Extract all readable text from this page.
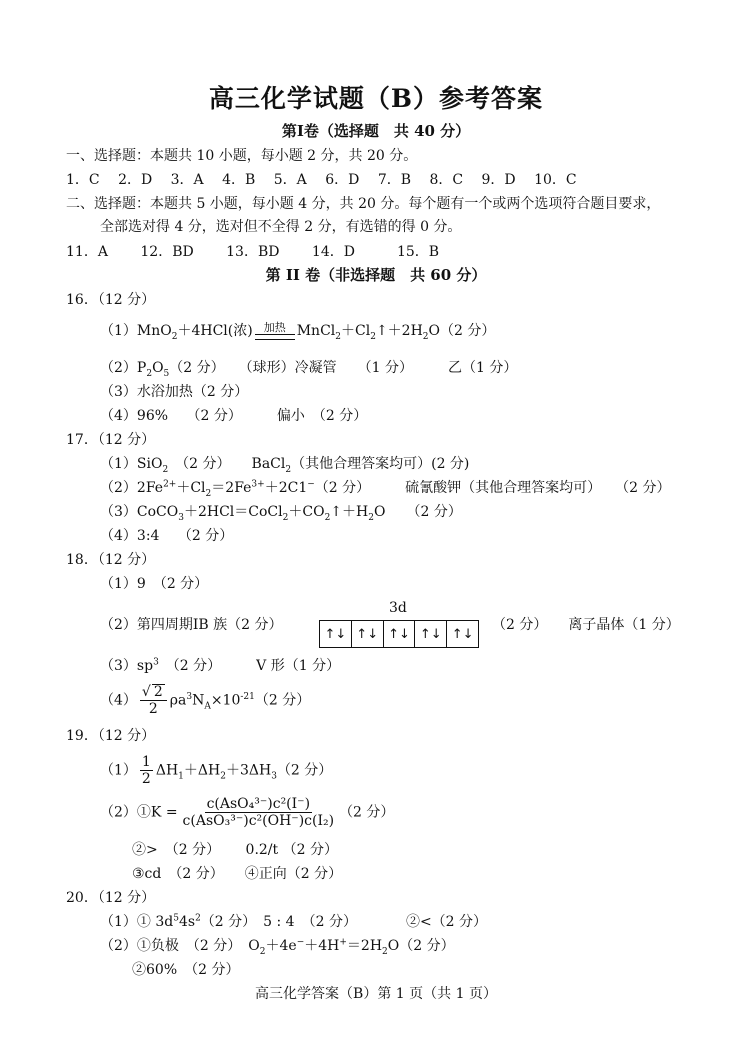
高三化学试题（B）参考答案
第Ⅰ卷（选择题　共 40 分）
一、选择题：本题共 10 小题，每小题 2 分，共 20 分。
1．C　 2．D　 3．A　 4．B　 5．A　 6．D　 7．B　 8．C　 9．D　 10．C
二、选择题：本题共 5 小题，每小题 4 分，共 20 分。每个题有一个或两个选项符合题目要求，
全部选对得 4 分，选对但不全得 2 分，有选错的得 0 分。
11．A　　 12．BD　　 13．BD　　 14．D　　　15．B
第 II 卷（非选择题　共 60 分）
16．（12 分）
（1）MnO$_2$＋4HCl(浓) 加热 $MnCl_2+Cl_2↑+2H_2O(2$ 分）
$(2)P_2O_5(2$ 分）　　（球形）冷凝管　　（1 分）　　　乙（1 分）
（3）水浴加热（2 分）
（4）96%　 （2 分）　　　偏小　（2 分）
17．（12 分）
（1）SiO$_2$　（2 分）　　BaCl$_2$（其他合理答案均可）(2 分)
$(2)2Fe^{2+}+Cl_2=2Fe^{3+}+2C1^-(2$ 分）　　　硫氰酸钾（其他合理答案均可）　　（2 分）
$(3)CoCO_3+2HCl=CoCl_2+CO_2↑+H_2O$　　（2 分）
（4）3:4　 （2 分）
18．（12 分）
（1）9　（2 分）
3d
（2）第四周期ⅠB 族（2 分）
↑↓ ↑↓ ↑↓ ↑↓ ↑↓
（2 分）　　离子晶体（1 分）
$(3)sp^3$　（2 分）　　　V 形（1 分）
$(4) \frac{√ 2}{2} \rho a^3N_A\times 10^{-21}(2$ 分）
19．（12 分）
$(1) \frac{1}{2} \Delta H_1+\Delta H_2+3\Delta H_3(2$ 分）
（2）①K = $\frac{\text{c(AsO₄³⁻)c²(I⁻)}}{\text{c(AsO₃³⁻)c²(OH⁻)c(I₂)}} (2$ 分）
②>　（2 分）　　 0.2/t （2 分）
③cd　（2 分）　　④正向（2 分）
20．（12 分）
（1）① $3d^54s^2(2$ 分）　5 : 4　（2 分）　　　　②<（2 分）
（2）①负极　（2 分）　$O_2+4e^-+4H^+=2H_2O(2$ 分）
②60%　（2 分）
高三化学答案（B）第 1 页（共 1 页）
